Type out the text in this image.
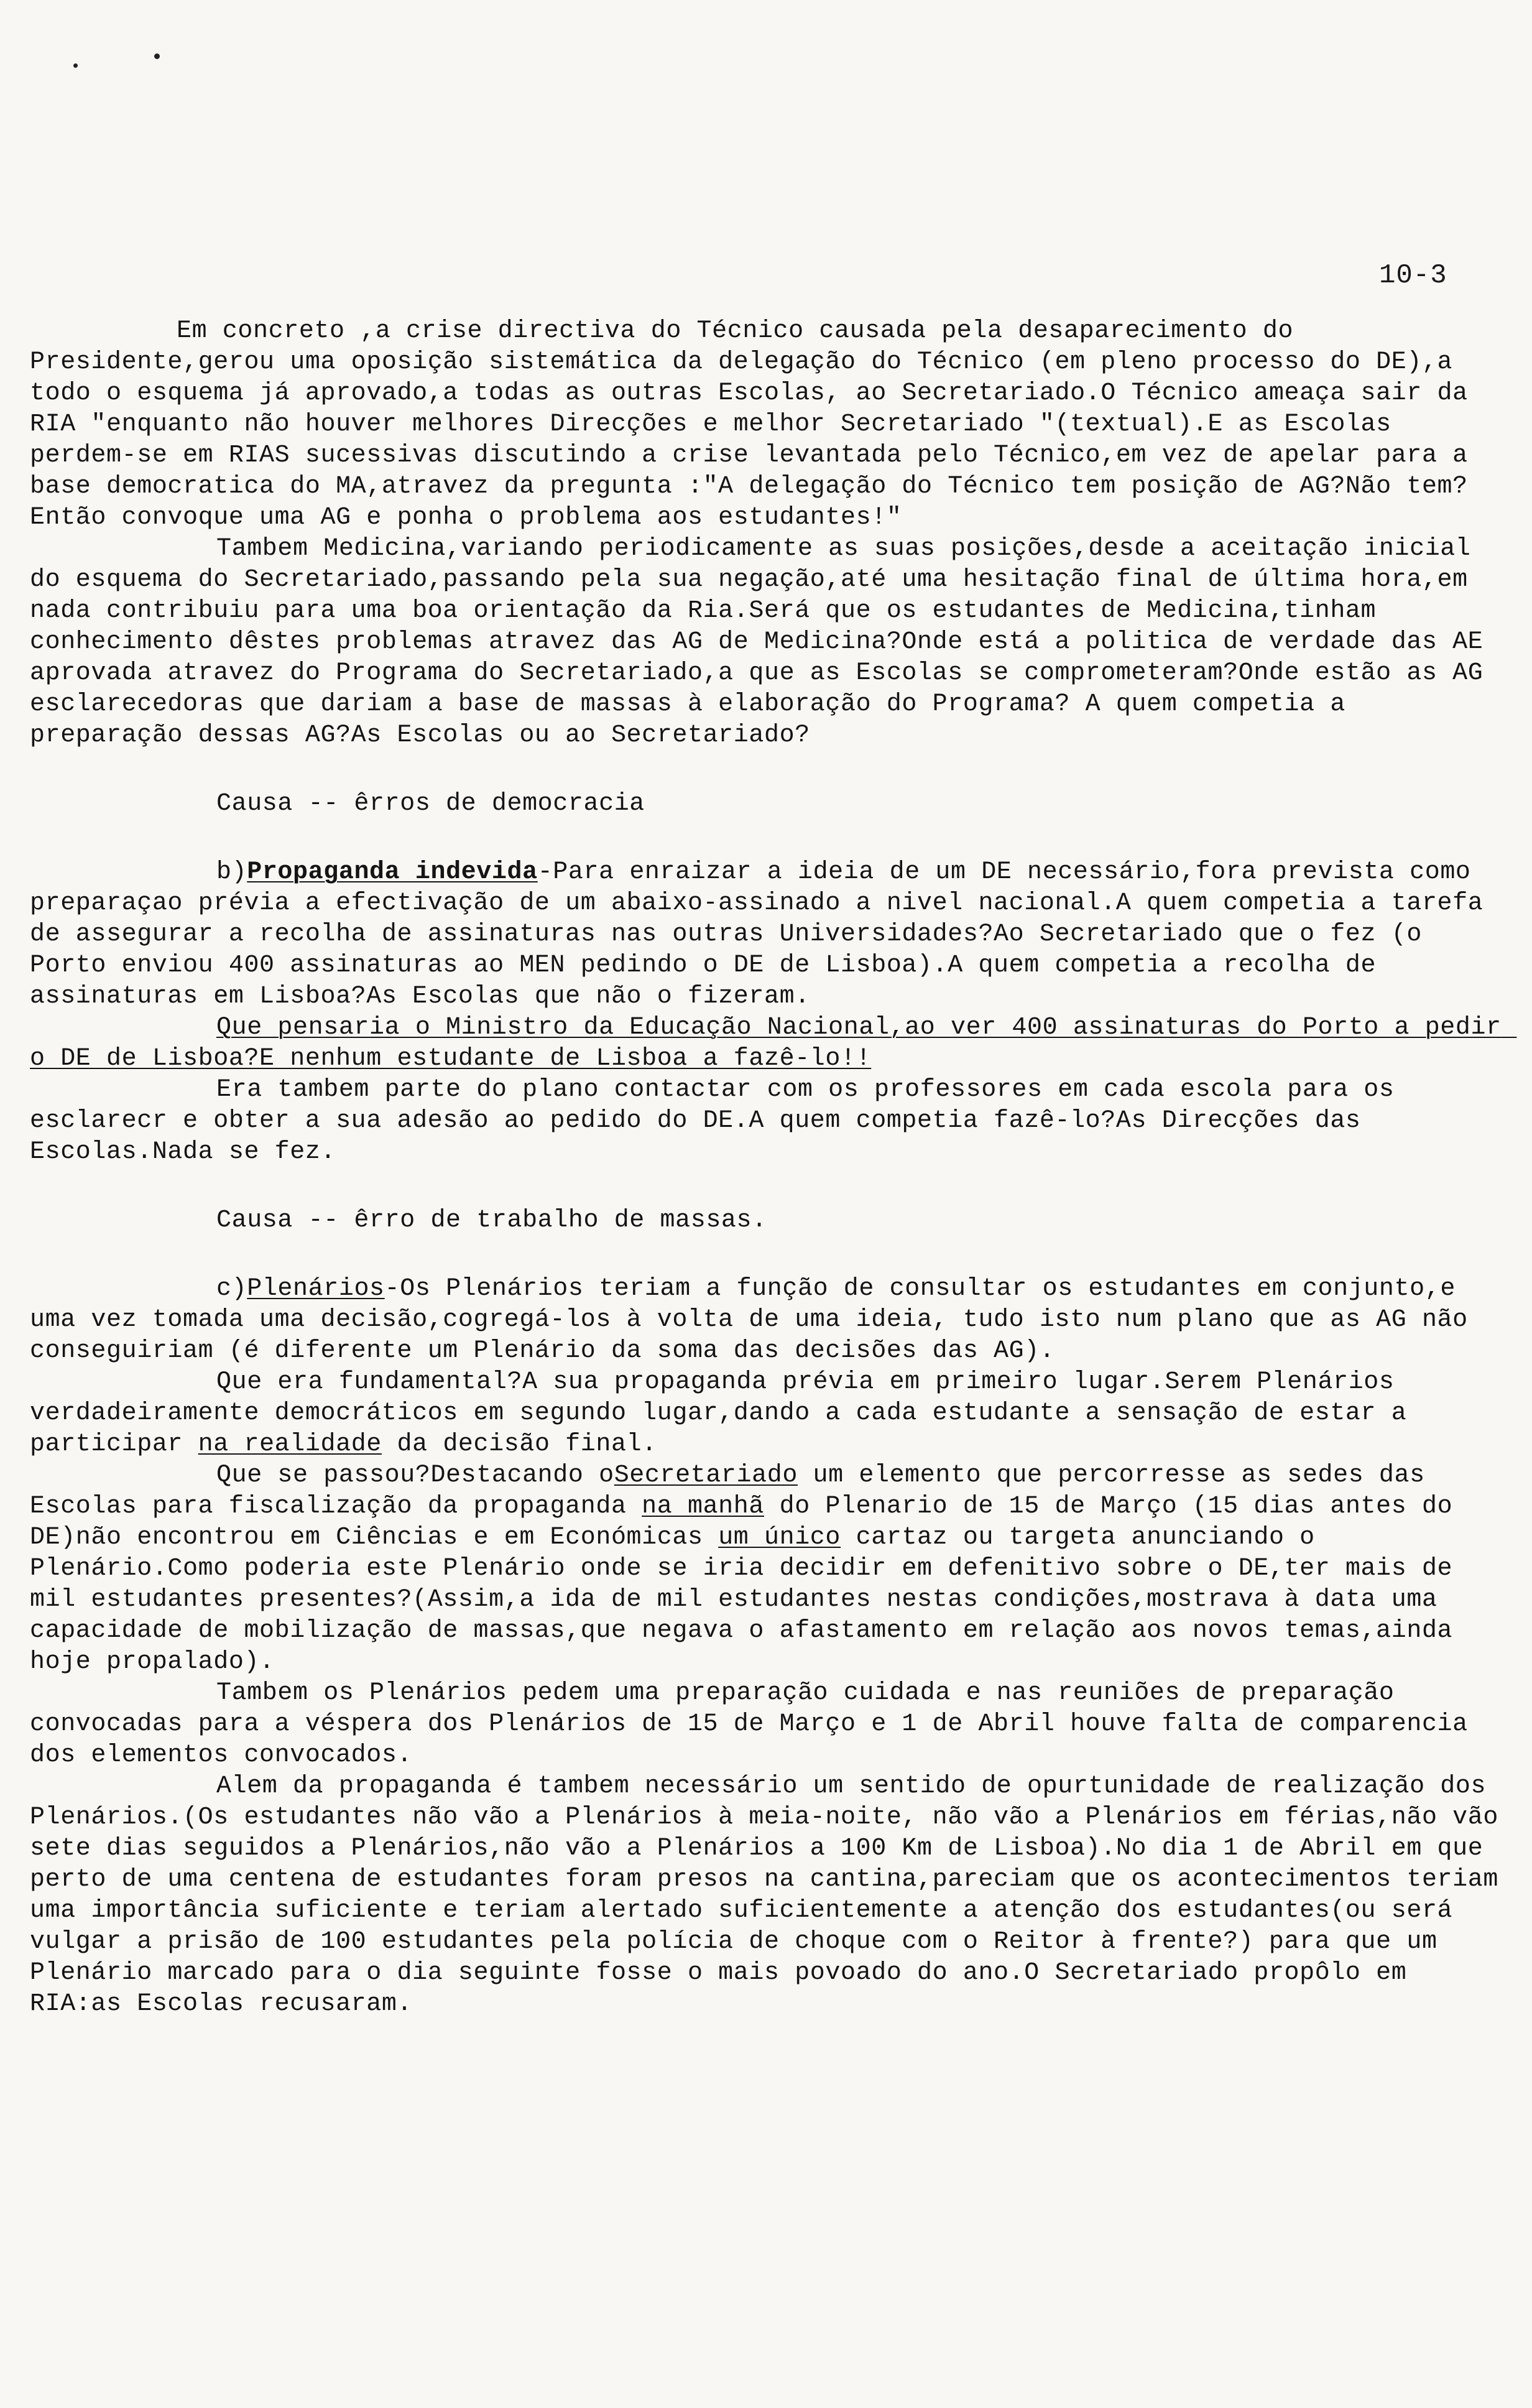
10-3

Em concreto ,a crise directiva do Técnico causada pela desaparecimento do Presidente,gerou uma oposição sistemática da delegação do Técnico (em pleno processo do DE),a todo o esquema já aprovado,a todas as outras Escolas, ao Secretariado.O Técnico ameaça sair da RIA "enquanto não houver melhores Direcções e melhor Secretariado "(textual).E as Escolas perdem-se em RIAS sucessivas discutindo a crise levantada pelo Técnico,em vez de apelar para a base democratica do MA,atravez da pregunta :"A delegação do Técnico tem posição de AG?Não tem? Então convoque uma AG e ponha o problema aos estudantes!"

Tambem Medicina,variando periodicamente as suas posições,desde a aceitação inicial do esquema do Secretariado,passando pela sua negação,até uma hesitação final de última hora,em nada contribuiu para uma boa orientação da Ria.Será que os estudantes de Medicina,tinham conhecimento dêstes problemas atravez das AG de Medicina?Onde está a politica de verdade das AE aprovada atravez do Programa do Secretariado,a que as Escolas se comprometeram?Onde estão as AG esclarecedoras que dariam a base de massas à elaboração do Programa? A quem competia a preparação dessas AG?As Escolas ou ao Secretariado?

Causa -- êrros de democracia

b)Propaganda indevida-Para enraizar a ideia de um DE necessário,fora prevista como preparaçao prévia a efectivação de um abaixo-assinado a nivel nacional.A quem competia a tarefa de assegurar a recolha de assinaturas nas outras Universidades?Ao Secretariado que o fez (o Porto enviou 400 assinaturas ao MEN pedindo o DE de Lisboa).A quem competia a recolha de assinaturas em Lisboa?As Escolas que não o fizeram.

Que pensaria o Ministro da Educação Nacional,ao ver 400 assinaturas do Porto a pedir o DE de Lisboa?E nenhum estudante de Lisboa a fazê-lo!!

Era tambem parte do plano contactar com os professores em cada escola para os esclarecr e obter a sua adesão ao pedido do DE.A quem competia fazê-lo?As Direcções das Escolas.Nada se fez.

Causa -- êrro de trabalho de massas.

c)Plenários-Os Plenários teriam a função de consultar os estudantes em conjunto,e uma vez tomada uma decisão,cogregá-los à volta de uma ideia, tudo isto num plano que as AG não conseguiriam (é diferente um Plenário da soma das decisões das AG).

Que era fundamental?A sua propaganda prévia em primeiro lugar.Serem Plenários verdadeiramente democráticos em segundo lugar,dando a cada estudante a sensação de estar a participar na realidade da decisão final.

Que se passou?Destacando oSecretariado um elemento que percorresse as sedes das Escolas para fiscalização da propaganda na manhã do Plenario de 15 de Março (15 dias antes do DE)não encontrou em Ciências e em Económicas um único cartaz ou targeta anunciando o Plenário.Como poderia este Plenário onde se iria decidir em defenitivo sobre o DE,ter mais de mil estudantes presentes?(Assim,a ida de mil estudantes nestas condições,mostrava à data uma capacidade de mobilização de massas,que negava o afastamento em relação aos novos temas,ainda hoje propalado).

Tambem os Plenários pedem uma preparação cuidada e nas reuniões de preparação convocadas para a véspera dos Plenários de 15 de Março e 1 de Abril houve falta de comparencia dos elementos convocados.

Alem da propaganda é tambem necessário um sentido de opurtunidade de realização dos Plenários.(Os estudantes não vão a Plenários à meia-noite, não vão a Plenários em férias,não vão sete dias seguidos a Plenários,não vão a Plenários a 100 Km de Lisboa).No dia 1 de Abril em que perto de uma centena de estudantes foram presos na cantina,pareciam que os acontecimentos teriam uma importância suficiente e teriam alertado suficientemente a atenção dos estudantes(ou será vulgar a prisão de 100 estudantes pela polícia de choque com o Reitor à frente?) para que um Plenário marcado para o dia seguinte fosse o mais povoado do ano.O Secretariado propôlo em RIA:as Escolas recusaram.
